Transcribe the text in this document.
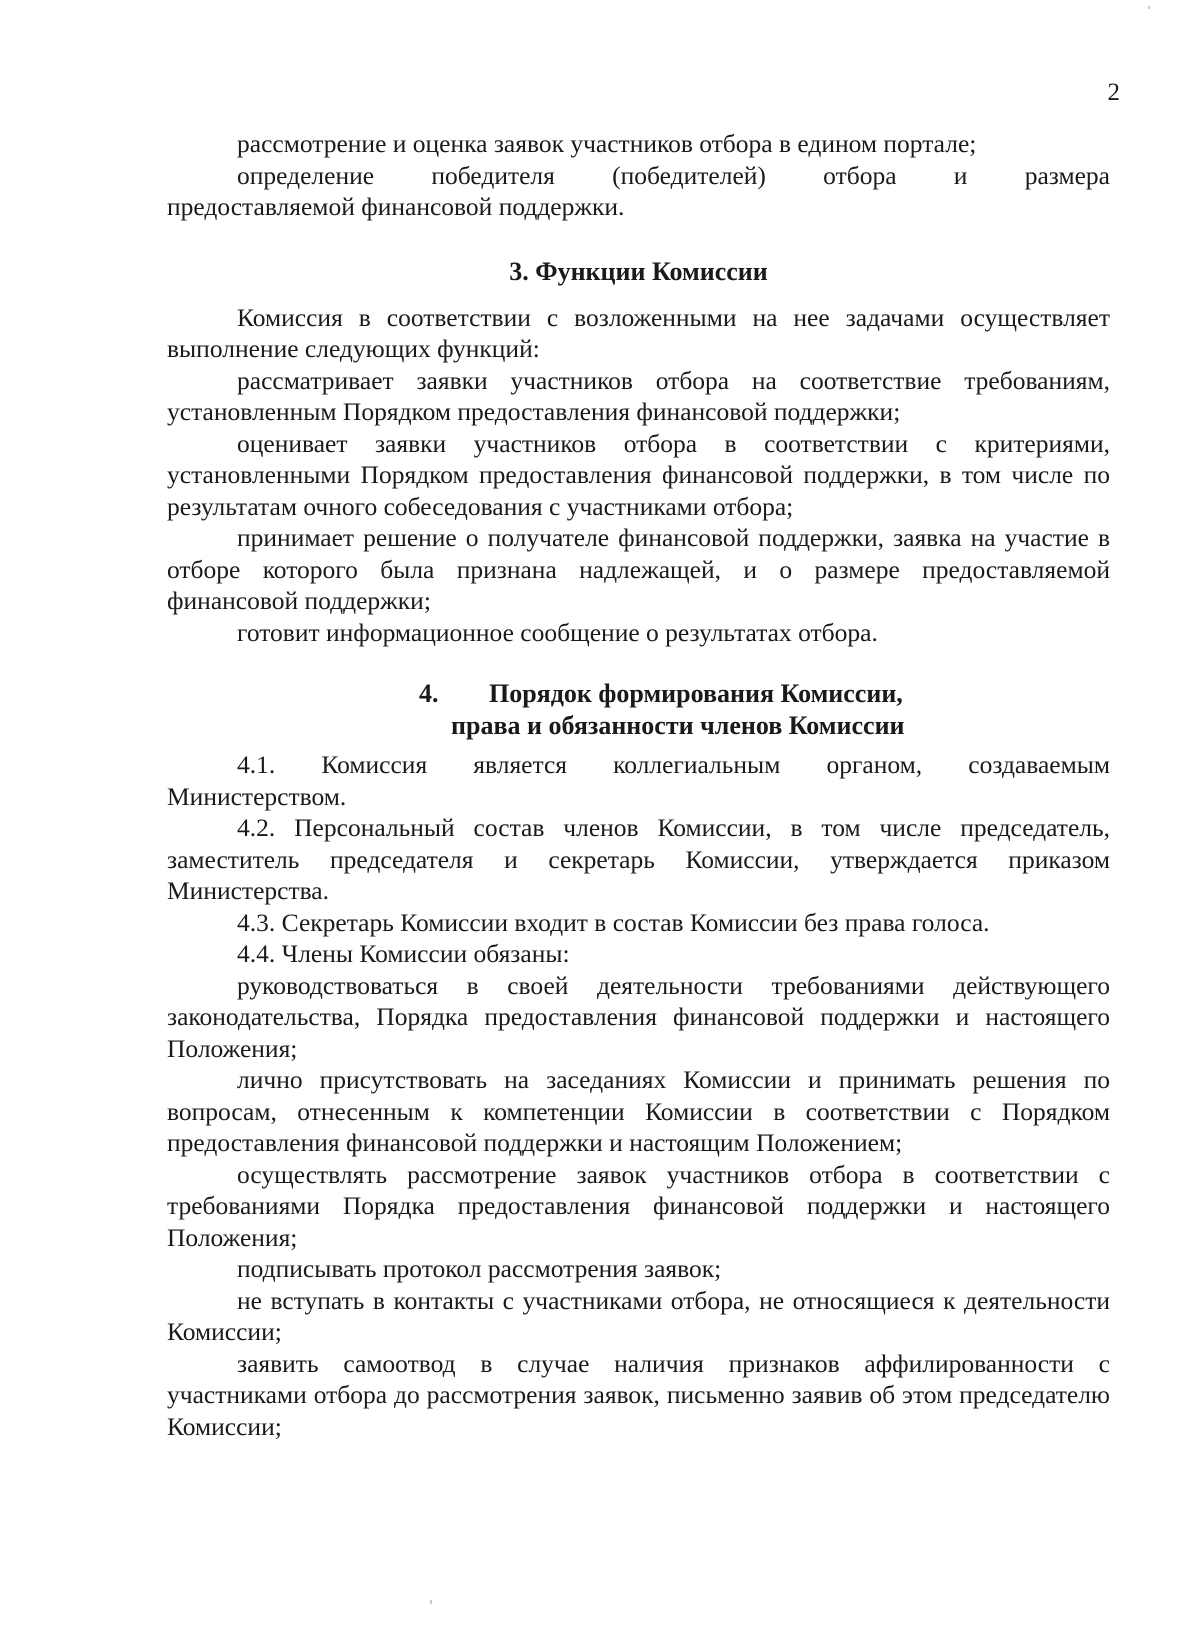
2

рассмотрение и оценка заявок участников отбора в едином портале;

определение победителя (победителей) отбора и размера

предоставляемой финансовой поддержки.

3. Функции Комиссии

Комиссия в соответствии с возложенными на нее задачами осуществляет выполнение следующих функций:

рассматривает заявки участников отбора на соответствие требованиям, установленным Порядком предоставления финансовой поддержки;

оценивает заявки участников отбора в соответствии с критериями, установленными Порядком предоставления финансовой поддержки, в том числе по результатам очного собеседования с участниками отбора;

принимает решение о получателе финансовой поддержки, заявка на участие в отборе которого была признана надлежащей, и о размере предоставляемой финансовой поддержки;

готовит информационное сообщение о результатах отбора.

4. Порядок формирования Комиссии,

права и обязанности членов Комиссии

4.1. Комиссия является коллегиальным органом, создаваемым

Министерством.

4.2. Персональный состав членов Комиссии, в том числе председатель, заместитель председателя и секретарь Комиссии, утверждается приказом Министерства.

4.3. Секретарь Комиссии входит в состав Комиссии без права голоса.

4.4. Члены Комиссии обязаны:

руководствоваться в своей деятельности требованиями действующего законодательства, Порядка предоставления финансовой поддержки и настоящего Положения;

лично присутствовать на заседаниях Комиссии и принимать решения по вопросам, отнесенным к компетенции Комиссии в соответствии с Порядком предоставления финансовой поддержки и настоящим Положением;

осуществлять рассмотрение заявок участников отбора в соответствии с требованиями Порядка предоставления финансовой поддержки и настоящего Положения;

подписывать протокол рассмотрения заявок;

не вступать в контакты с участниками отбора, не относящиеся к деятельности Комиссии;

заявить самоотвод в случае наличия признаков аффилированности с участниками отбора до рассмотрения заявок, письменно заявив об этом председателю Комиссии;
